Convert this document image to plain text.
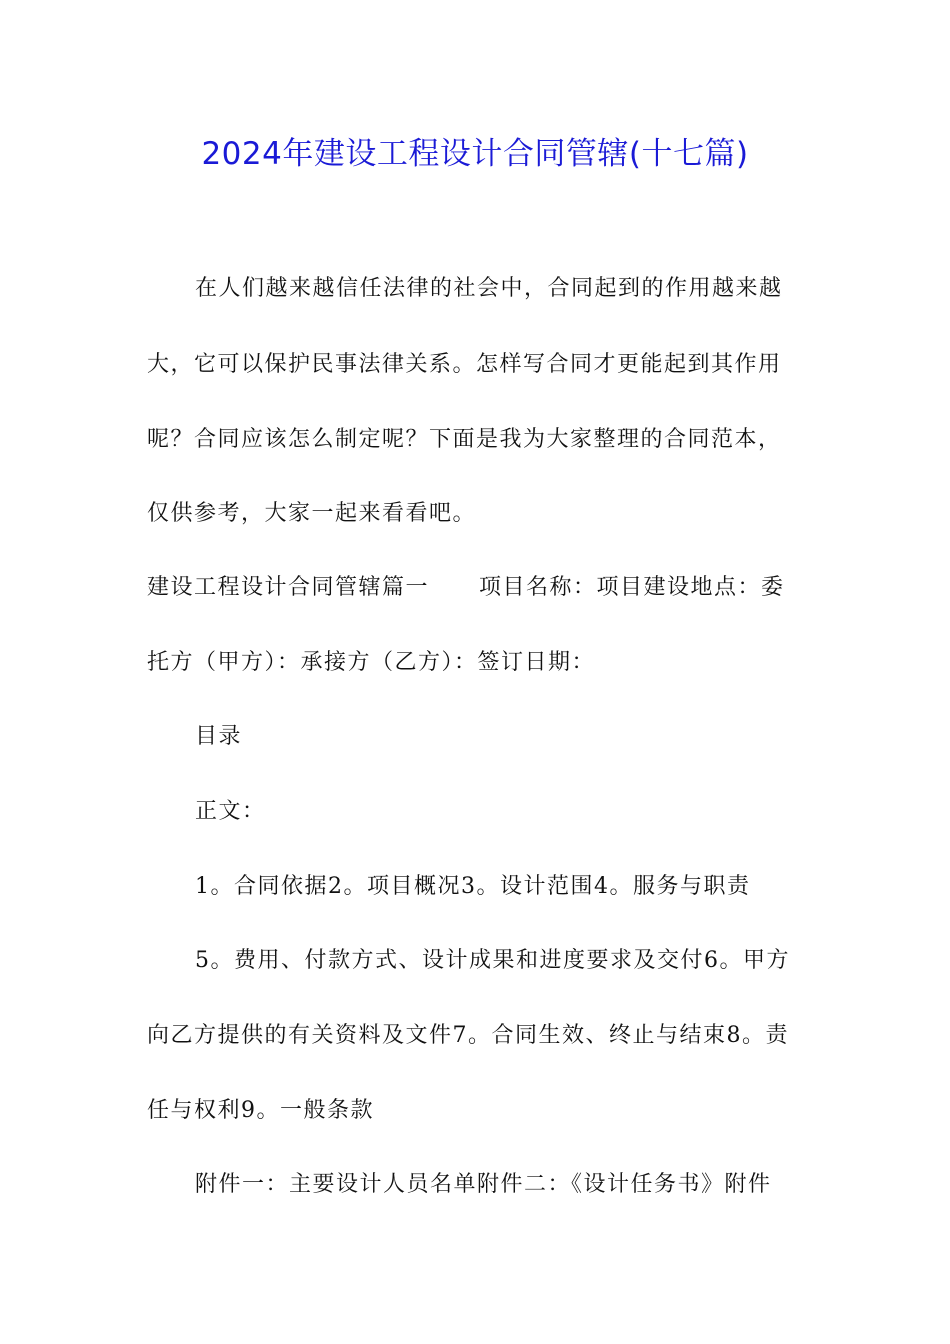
2024年建设工程设计合同管辖(十七篇)
在人们越来越信任法律的社会中，合同起到的作用越来越
大，它可以保护民事法律关系。怎样写合同才更能起到其作用
呢？合同应该怎么制定呢？下面是我为大家整理的合同范本，
仅供参考，大家一起来看看吧。
建设工程设计合同管辖篇一 项目名称：项目建设地点：委
托方（甲方）：承接方（乙方）：签订日期：
目录
正文：
1。合同依据2。项目概况3。设计范围4。服务与职责
5。费用、付款方式、设计成果和进度要求及交付6。甲方
向乙方提供的有关资料及文件7。合同生效、终止与结束8。责
任与权利9。一般条款
附件一：主要设计人员名单附件二：《设计任务书》附件
